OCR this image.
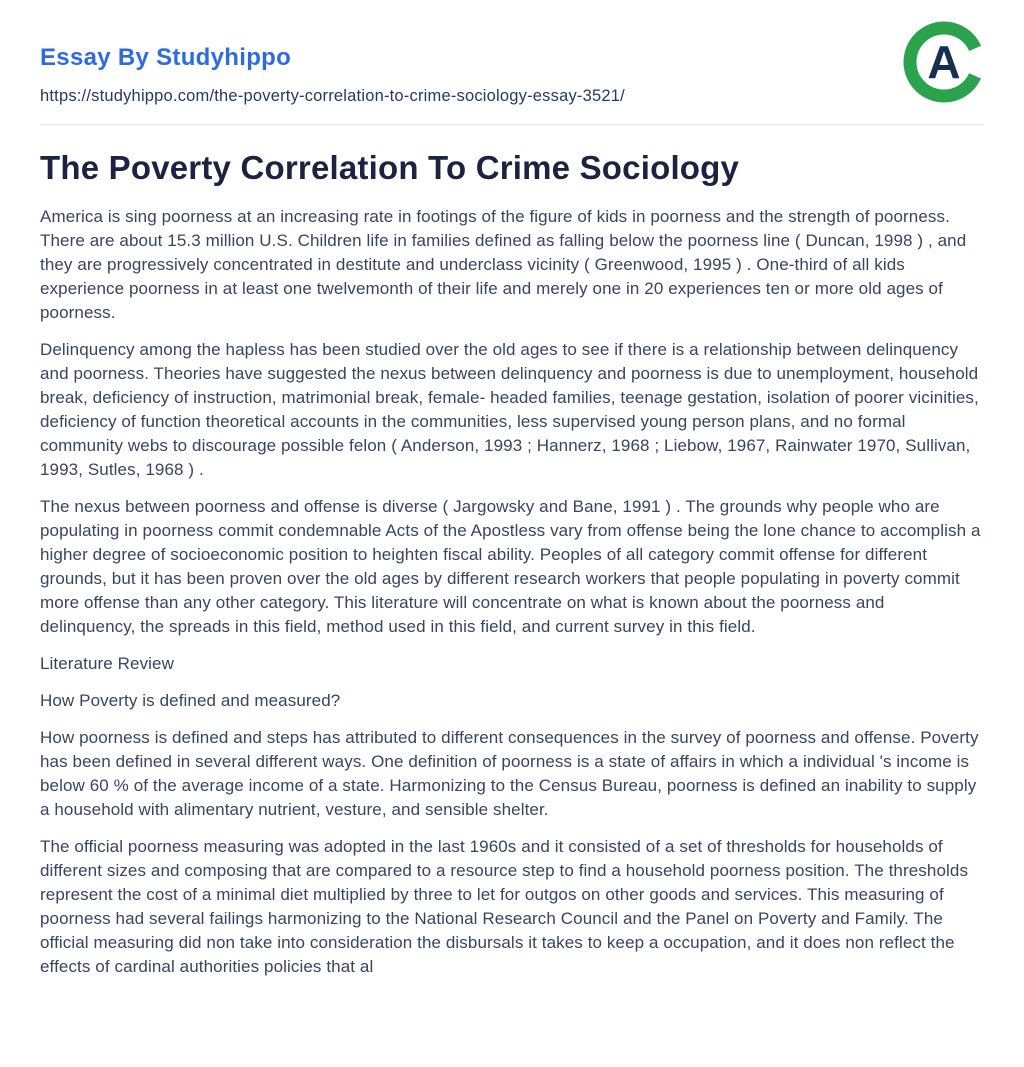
Essay By Studyhippo
https://studyhippo.com/the-poverty-correlation-to-crime-sociology-essay-3521/
A
The Poverty Correlation To Crime Sociology

America is sing poorness at an increasing rate in footings of the figure of kids in poorness and the strength of poorness. There are about 15.3 million U.S. Children life in families defined as falling below the poorness line ( Duncan, 1998 ) , and they are progressively concentrated in destitute and underclass vicinity ( Greenwood, 1995 ) . One-third of all kids experience poorness in at least one twelvemonth of their life and merely one in 20 experiences ten or more old ages of poorness.

Delinquency among the hapless has been studied over the old ages to see if there is a relationship between delinquency and poorness. Theories have suggested the nexus between delinquency and poorness is due to unemployment, household break, deficiency of instruction, matrimonial break, female- headed families, teenage gestation, isolation of poorer vicinities, deficiency of function theoretical accounts in the communities, less supervised young person plans, and no formal community webs to discourage possible felon ( Anderson, 1993 ; Hannerz, 1968 ; Liebow, 1967, Rainwater 1970, Sullivan, 1993, Sutles, 1968 ) .

The nexus between poorness and offense is diverse ( Jargowsky and Bane, 1991 ) . The grounds why people who are populating in poorness commit condemnable Acts of the Apostless vary from offense being the lone chance to accomplish a higher degree of socioeconomic position to heighten fiscal ability. Peoples of all category commit offense for different grounds, but it has been proven over the old ages by different research workers that people populating in poverty commit more offense than any other category. This literature will concentrate on what is known about the poorness and delinquency, the spreads in this field, method used in this field, and current survey in this field.

Literature Review

How Poverty is defined and measured?

How poorness is defined and steps has attributed to different consequences in the survey of poorness and offense. Poverty has been defined in several different ways. One definition of poorness is a state of affairs in which a individual 's income is below 60 % of the average income of a state. Harmonizing to the Census Bureau, poorness is defined an inability to supply a household with alimentary nutrient, vesture, and sensible shelter.

The official poorness measuring was adopted in the last 1960s and it consisted of a set of thresholds for households of different sizes and composing that are compared to a resource step to find a household poorness position. The thresholds represent the cost of a minimal diet multiplied by three to let for outgos on other goods and services. This measuring of poorness had several failings harmonizing to the National Research Council and the Panel on Poverty and Family. The official measuring did non take into consideration the disbursals it takes to keep a occupation, and it does non reflect the effects of cardinal authorities policies that al
